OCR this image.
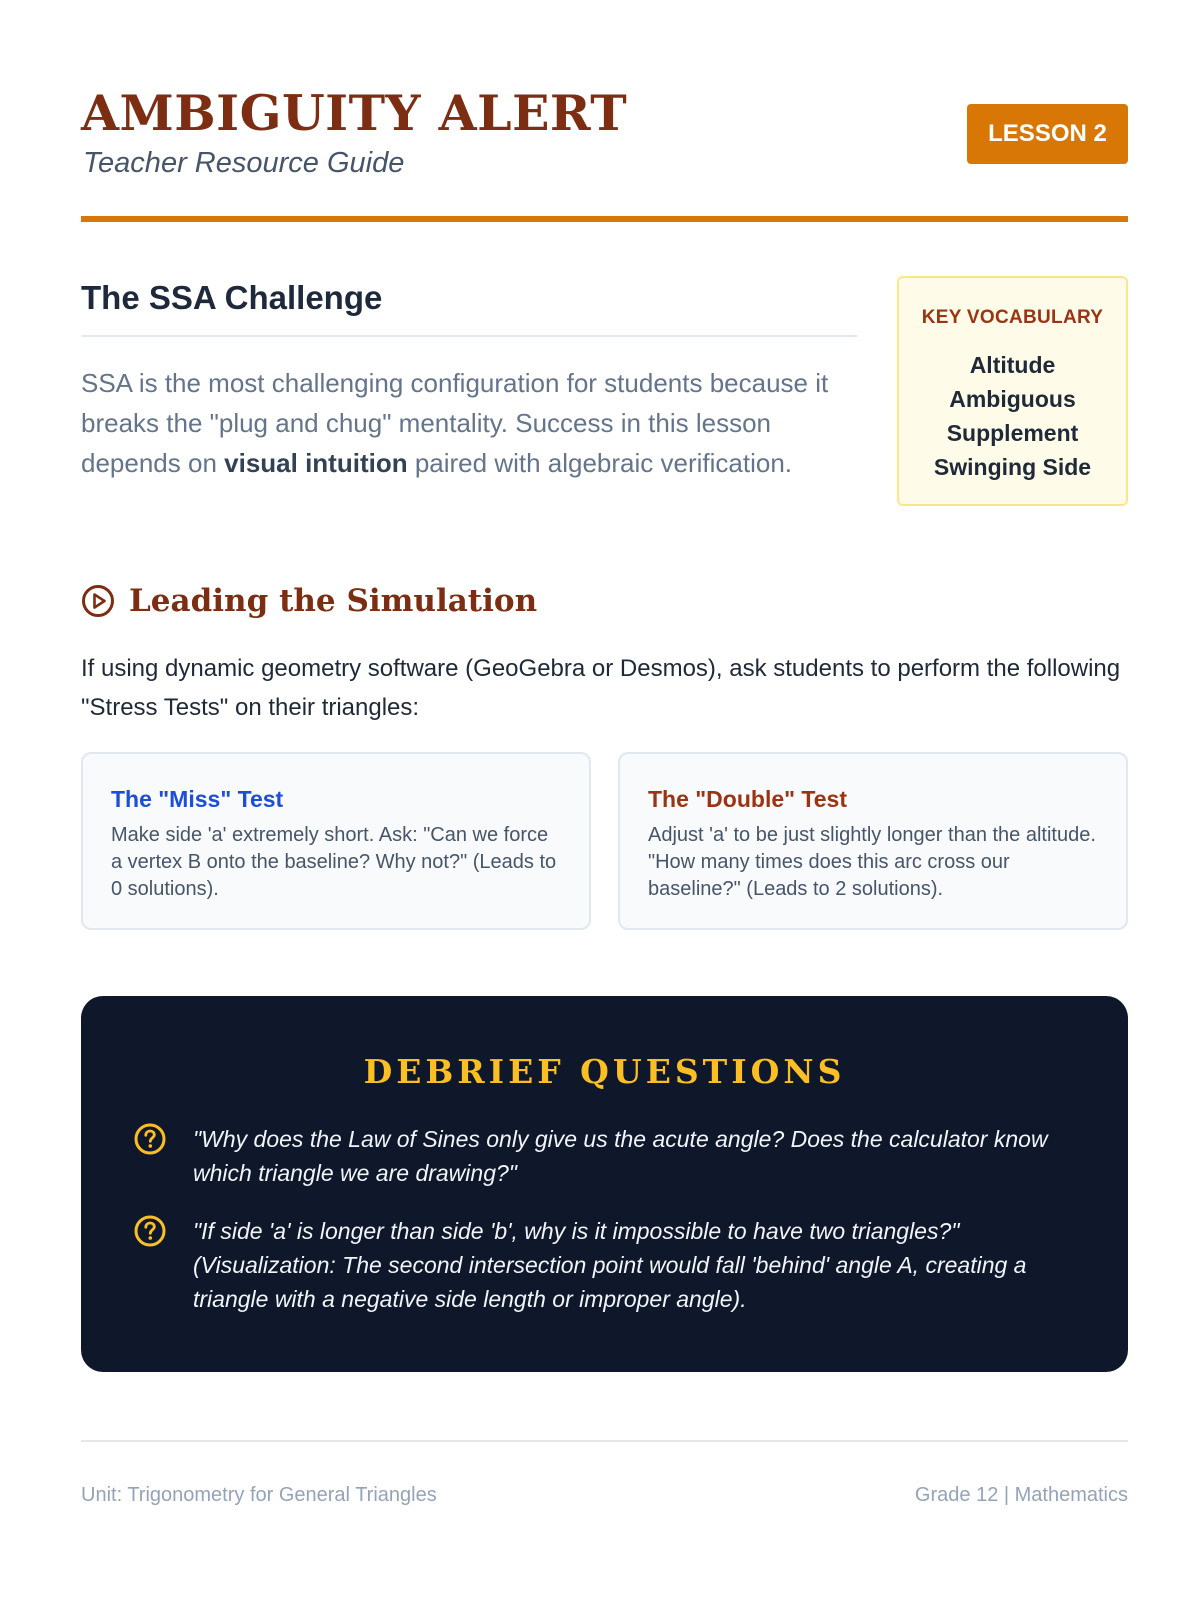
AMBIGUITY ALERT
Teacher Resource Guide
LESSON 2
The SSA Challenge

SSA is the most challenging configuration for students because it breaks the "plug and chug" mentality. Success in this lesson depends on visual intuition paired with algebraic verification.

KEY VOCABULARY
Altitude
Ambiguous
Supplement
Swinging Side
Leading the Simulation

If using dynamic geometry software (GeoGebra or Desmos), ask students to perform the following "Stress Tests" on their triangles:

The "Miss" Test
Make side 'a' extremely short. Ask: "Can we force a vertex B onto the baseline? Why not?" (Leads to 0 solutions).
The "Double" Test
Adjust 'a' to be just slightly longer than the altitude. "How many times does this arc cross our baseline?" (Leads to 2 solutions).
DEBRIEF QUESTIONS
"Why does the Law of Sines only give us the acute angle? Does the calculator know which triangle we are drawing?"
"If side 'a' is longer than side 'b', why is it impossible to have two triangles?" (Visualization: The second intersection point would fall 'behind' angle A, creating a triangle with a negative side length or improper angle).
Unit: Trigonometry for General Triangles	Grade 12 | Mathematics
